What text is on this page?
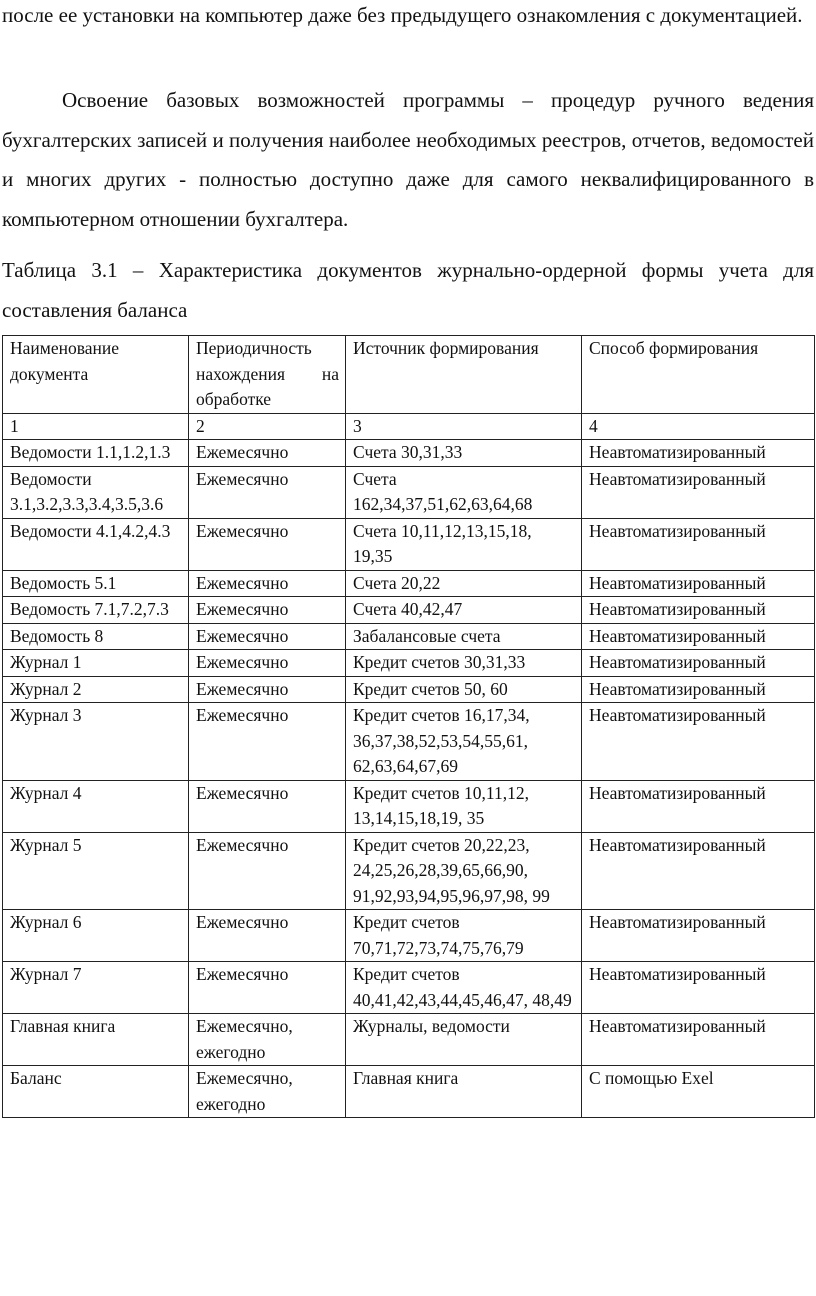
после ее установки на компьютер даже без предыдущего ознакомления с документацией.

Освоение базовых возможностей программы – процедур ручного ведения бухгалтерских записей и получения наиболее необходимых реестров, отчетов, ведомостей и многих других - полностью доступно даже для самого неквалифицированного в компьютерном отношении бухгалтера.

Таблица 3.1 – Характеристика документов журнально-ордерной формы учета для составления баланса

Наименование документа	Периодичность нахождения на обработке	Источник формирования	Способ формирования
1	2	3	4
Ведомости 1.1,1.2,1.3	Ежемесячно	Счета 30,31,33	Неавтоматизированный
Ведомости 3.1,3.2,3.3,3.4,3.5,3.6	Ежемесячно	Счета 162,34,37,51,62,63,64,68	Неавтоматизированный
Ведомости 4.1,4.2,4.3	Ежемесячно	Счета 10,11,12,13,15,18, 19,35	Неавтоматизированный
Ведомость 5.1	Ежемесячно	Счета 20,22	Неавтоматизированный
Ведомость 7.1,7.2,7.3	Ежемесячно	Счета 40,42,47	Неавтоматизированный
Ведомость 8	Ежемесячно	Забалансовые счета	Неавтоматизированный
Журнал 1	Ежемесячно	Кредит счетов 30,31,33	Неавтоматизированный
Журнал 2	Ежемесячно	Кредит счетов 50, 60	Неавтоматизированный
Журнал 3	Ежемесячно	Кредит счетов 16,17,34, 36,37,38,52,53,54,55,61, 62,63,64,67,69	Неавтоматизированный
Журнал 4	Ежемесячно	Кредит счетов 10,11,12, 13,14,15,18,19, 35	Неавтоматизированный
Журнал 5	Ежемесячно	Кредит счетов 20,22,23, 24,25,26,28,39,65,66,90, 91,92,93,94,95,96,97,98, 99	Неавтоматизированный
Журнал 6	Ежемесячно	Кредит счетов 70,71,72,73,74,75,76,79	Неавтоматизированный
Журнал 7	Ежемесячно	Кредит счетов 40,41,42,43,44,45,46,47, 48,49	Неавтоматизированный
Главная книга	Ежемесячно, ежегодно	Журналы, ведомости	Неавтоматизированный
Баланс	Ежемесячно, ежегодно	Главная книга	С помощью Exel
